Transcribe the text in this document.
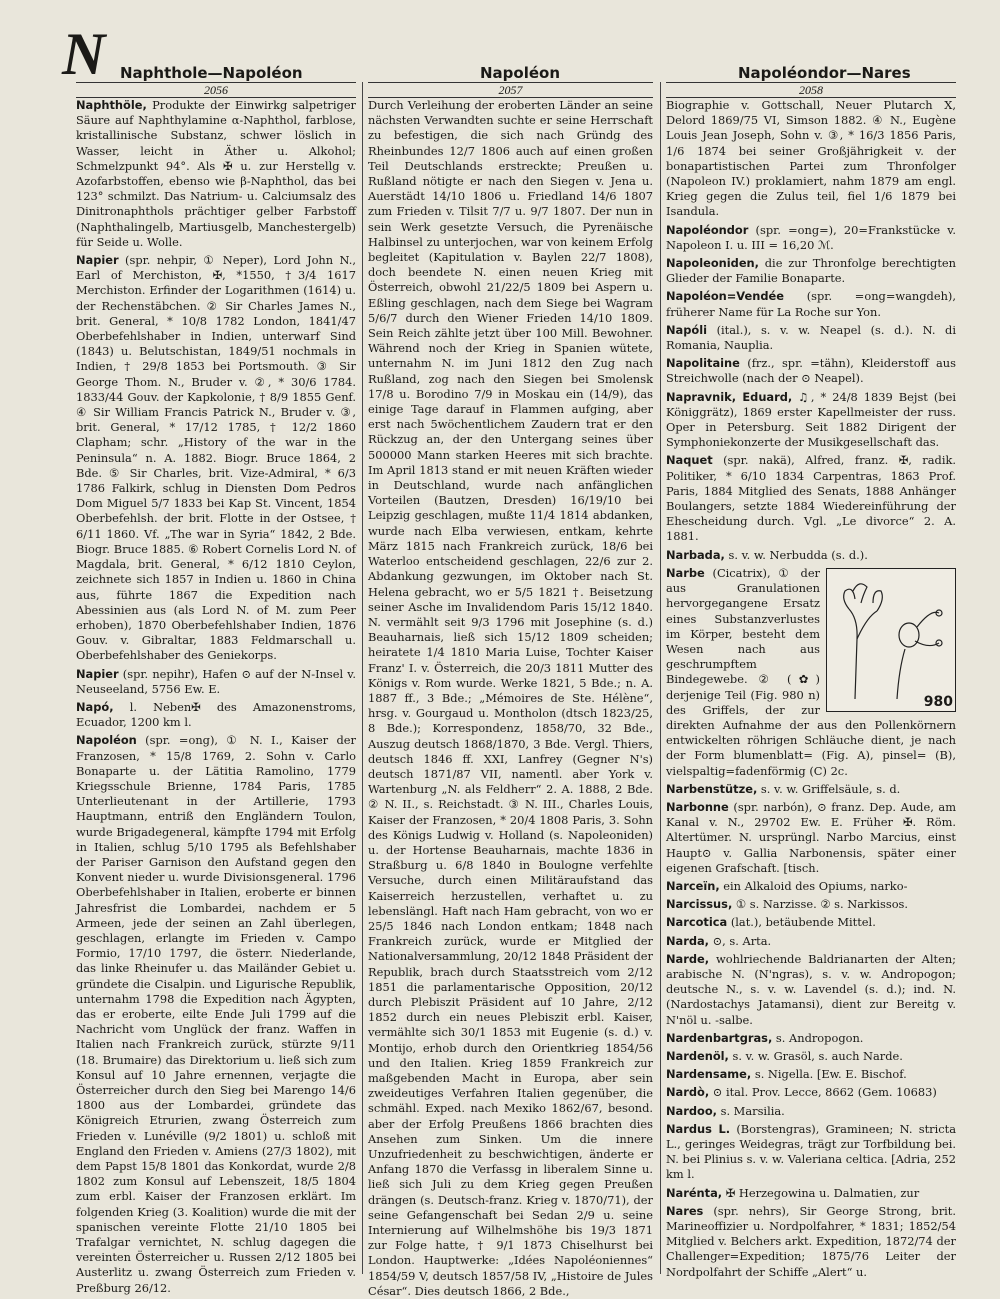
N Naphthole—Napoléon	Napoléon	Napoléondor—Nares
2056	2057	2058

Naphthöle, Produkte der Einwirkg salpetriger Säure auf Naphthylamine α-Naphthol, farblose, kristallinische Substanz, schwer löslich in Wasser, leicht in Äther u. Alkohol; Schmelzpunkt 94°. Als ✠ u. zur Herstellg v. Azofarbstoffen, ebenso wie β-Naphthol, das bei 123° schmilzt. Das Natrium- u. Calciumsalz des Dinitronaphthols prächtiger gelber Farbstoff (Naphthalingelb, Martiusgelb, Manchestergelb) für Seide u. Wolle.

Napier (spr. nehpir, ① Neper), Lord John N., Earl of Merchiston, ✠, *1550, †3/4 1617 Merchiston. Erfinder der Logarithmen (1614) u. der Rechenstäbchen. ② Sir Charles James N., brit. General, * 10/8 1782 London, 1841/47 Oberbefehlshaber in Indien, unterwarf Sind (1843) u. Belutschistan, 1849/51 nochmals in Indien, † 29/8 1853 bei Portsmouth. ③ Sir George Thom. N., Bruder v. ②, * 30/6 1784. 1833/44 Gouv. der Kapkolonie, † 8/9 1855 Genf. ④ Sir William Francis Patrick N., Bruder v. ③, brit. General, * 17/12 1785, † 12/2 1860 Clapham; schr. „History of the war in the Peninsula“ n. A. 1882. Biogr. Bruce 1864, 2 Bde. ⑤ Sir Charles, brit. Vize-Admiral, * 6/3 1786 Falkirk, schlug in Diensten Dom Pedros Dom Miguel 5/7 1833 bei Kap St. Vincent, 1854 Oberbefehlsh. der brit. Flotte in der Ostsee, † 6/11 1860. Vf. „The war in Syria“ 1842, 2 Bde. Biogr. Bruce 1885. ⑥ Robert Cornelis Lord N. of Magdala, brit. General, * 6/12 1810 Ceylon, zeichnete sich 1857 in Indien u. 1860 in China aus, führte 1867 die Expedition nach Abessinien aus (als Lord N. of M. zum Peer erhoben), 1870 Oberbefehlshaber Indien, 1876 Gouv. v. Gibraltar, 1883 Feldmarschall u. Oberbefehlshaber des Geniekorps.

Napier (spr. nepihr), Hafen ⊙ auf der N-Insel v. Neuseeland, 5756 Ew. E.

Napó, l. Neben✠ des Amazonenstroms, Ecuador, 1200 km l.

Napoléon (spr. =ong), ① N. I., Kaiser der Franzosen, * 15/8 1769, 2. Sohn v. Carlo Bonaparte u. der Lätitia Ramolino, 1779 Kriegsschule Brienne, 1784 Paris, 1785 Unterlieutenant in der Artillerie, 1793 Hauptmann, entriß den Engländern Toulon, wurde Brigadegeneral, kämpfte 1794 mit Erfolg in Italien, schlug 5/10 1795 als Befehlshaber der Pariser Garnison den Aufstand gegen den Konvent nieder u. wurde Divisionsgeneral. 1796 Oberbefehlshaber in Italien, eroberte er binnen Jahresfrist die Lombardei, nachdem er 5 Armeen, jede der seinen an Zahl überlegen, geschlagen, erlangte im Frieden v. Campo Formio, 17/10 1797, die österr. Niederlande, das linke Rheinufer u. das Mailänder Gebiet u. gründete die Cisalpin. und Ligurische Republik, unternahm 1798 die Expedition nach Ägypten, das er eroberte, eilte Ende Juli 1799 auf die Nachricht vom Unglück der franz. Waffen in Italien nach Frankreich zurück, stürzte 9/11 (18. Brumaire) das Direktorium u. ließ sich zum Konsul auf 10 Jahre ernennen, verjagte die Österreicher durch den Sieg bei Marengo 14/6 1800 aus der Lombardei, gründete das Königreich Etrurien, zwang Österreich zum Frieden v. Lunéville (9/2 1801) u. schloß mit England den Frieden v. Amiens (27/3 1802), mit dem Papst 15/8 1801 das Konkordat, wurde 2/8 1802 zum Konsul auf Lebenszeit, 18/5 1804 zum erbl. Kaiser der Franzosen erklärt. Im folgenden Krieg (3. Koalition) wurde die mit der spanischen vereinte Flotte 21/10 1805 bei Trafalgar vernichtet, N. schlug dagegen die vereinten Österreicher u. Russen 2/12 1805 bei Austerlitz u. zwang Österreich zum Frieden v. Preßburg 26/12.

Durch Verleihung der eroberten Länder an seine nächsten Verwandten suchte er seine Herrschaft zu befestigen, die sich nach Gründg des Rheinbundes 12/7 1806 auch auf einen großen Teil Deutschlands erstreckte; Preußen u. Rußland nötigte er nach den Siegen v. Jena u. Auerstädt 14/10 1806 u. Friedland 14/6 1807 zum Frieden v. Tilsit 7/7 u. 9/7 1807. Der nun in sein Werk gesetzte Versuch, die Pyrenäische Halbinsel zu unterjochen, war von keinem Erfolg begleitet (Kapitulation v. Baylen 22/7 1808), doch beendete N. einen neuen Krieg mit Österreich, obwohl 21/22/5 1809 bei Aspern u. Eßling geschlagen, nach dem Siege bei Wagram 5/6/7 durch den Wiener Frieden 14/10 1809. Sein Reich zählte jetzt über 100 Mill. Bewohner. Während noch der Krieg in Spanien wütete, unternahm N. im Juni 1812 den Zug nach Rußland, zog nach den Siegen bei Smolensk 17/8 u. Borodino 7/9 in Moskau ein (14/9), das einige Tage darauf in Flammen aufging, aber erst nach 5wöchentlichem Zaudern trat er den Rückzug an, der den Untergang seines über 500000 Mann starken Heeres mit sich brachte. Im April 1813 stand er mit neuen Kräften wieder in Deutschland, wurde nach anfänglichen Vorteilen (Bautzen, Dresden) 16/19/10 bei Leipzig geschlagen, mußte 11/4 1814 abdanken, wurde nach Elba verwiesen, entkam, kehrte März 1815 nach Frankreich zurück, 18/6 bei Waterloo entscheidend geschlagen, 22/6 zur 2. Abdankung gezwungen, im Oktober nach St. Helena gebracht, wo er 5/5 1821 †. Beisetzung seiner Asche im Invalidendom Paris 15/12 1840. N. vermählt seit 9/3 1796 mit Josephine (s. d.) Beauharnais, ließ sich 15/12 1809 scheiden; heiratete 1/4 1810 Maria Luise, Tochter Kaiser Franz' I. v. Österreich, die 20/3 1811 Mutter des Königs v. Rom wurde. Werke 1821, 5 Bde.; n. A. 1887 ff., 3 Bde.; „Mémoires de Ste. Hélène“, hrsg. v. Gourgaud u. Montholon (dtsch 1823/25, 8 Bde.); Korrespondenz, 1858/70, 32 Bde., Auszug deutsch 1868/1870, 3 Bde. Vergl. Thiers, deutsch 1846 ff. XXI, Lanfrey (Gegner N's) deutsch 1871/87 VII, namentl. aber York v. Wartenburg „N. als Feldherr“ 2. A. 1888, 2 Bde. ② N. II., s. Reichstadt. ③ N. III., Charles Louis, Kaiser der Franzosen, * 20/4 1808 Paris, 3. Sohn des Königs Ludwig v. Holland (s. Napoleoniden) u. der Hortense Beauharnais, machte 1836 in Straßburg u. 6/8 1840 in Boulogne verfehlte Versuche, durch einen Militäraufstand das Kaiserreich herzustellen, verhaftet u. zu lebenslängl. Haft nach Ham gebracht, von wo er 25/5 1846 nach London entkam; 1848 nach Frankreich zurück, wurde er Mitglied der Nationalversammlung, 20/12 1848 Präsident der Republik, brach durch Staatsstreich vom 2/12 1851 die parlamentarische Opposition, 20/12 durch Plebiszit Präsident auf 10 Jahre, 2/12 1852 durch ein neues Plebiszit erbl. Kaiser, vermählte sich 30/1 1853 mit Eugenie (s. d.) v. Montijo, erhob durch den Orientkrieg 1854/56 und den Italien. Krieg 1859 Frankreich zur maßgebenden Macht in Europa, aber sein zweideutiges Verfahren Italien gegenüber, die schmähl. Exped. nach Mexiko 1862/67, besond. aber der Erfolg Preußens 1866 brachten dies Ansehen zum Sinken. Um die innere Unzufriedenheit zu beschwichtigen, änderte er Anfang 1870 die Verfassg in liberalem Sinne u. ließ sich Juli zu dem Krieg gegen Preußen drängen (s. Deutsch-franz. Krieg v. 1870/71), der seine Gefangenschaft bei Sedan 2/9 u. seine Internierung auf Wilhelmshöhe bis 19/3 1871 zur Folge hatte, † 9/1 1873 Chiselhurst bei London. Hauptwerke: „Idées Napoléoniennes“ 1854/59 V, deutsch 1857/58 IV, „Histoire de Jules César“. Dies deutsch 1866, 2 Bde.,

Biographie v. Gottschall, Neuer Plutarch X, Delord 1869/75 VI, Simson 1882. ④ N., Eugène Louis Jean Joseph, Sohn v. ③, * 16/3 1856 Paris, 1/6 1874 bei seiner Großjährigkeit v. der bonapartistischen Partei zum Thronfolger (Napoleon IV.) proklamiert, nahm 1879 am engl. Krieg gegen die Zulus teil, fiel 1/6 1879 bei Isandula.

Napoléondor (spr. =ong=), 20=Frankstücke v. Napoleon I. u. III = 16,20 ℳ.

Napoleoniden, die zur Thronfolge berechtigten Glieder der Familie Bonaparte.

Napoléon=Vendée (spr. =ong=wangdeh), früherer Name für La Roche sur Yon.

Napóli (ital.), s. v. w. Neapel (s. d.). N. di Romania, Nauplia.

Napolitaine (frz., spr. =tähn), Kleiderstoff aus Streichwolle (nach der ⊙ Neapel).

Napravnik, Eduard, ♫, * 24/8 1839 Bejst (bei Königgrätz), 1869 erster Kapellmeister der russ. Oper in Petersburg. Seit 1882 Dirigent der Symphoniekonzerte der Musikgesellschaft das.

Naquet (spr. nakä), Alfred, franz. ✠, radik. Politiker, * 6/10 1834 Carpentras, 1863 Prof. Paris, 1884 Mitglied des Senats, 1888 Anhänger Boulangers, setzte 1884 Wiedereinführung der Ehescheidung durch. Vgl. „Le divorce“ 2. A. 1881.

Narbada, s. v. w. Nerbudda (s. d.).

980
Narbe (Cicatrix), ① der aus Granulationen hervorgegangene Ersatz eines Substanzverlustes im Körper, besteht dem Wesen nach aus geschrumpftem Bindegewebe. ② (✿) derjenige Teil (Fig. 980 n) des Griffels, der zur direkten Aufnahme der aus den Pollenkörnern entwickelten röhrigen Schläuche dient, je nach der Form blumenblatt= (Fig. A), pinsel= (B), vielspaltig=fadenförmig (C) 2c.

Narbenstütze, s. v. w. Griffelsäule, s. d.

Narbonne (spr. narbón), ⊙ franz. Dep. Aude, am Kanal v. N., 29702 Ew. E. Früher ✠. Röm. Altertümer. N. ursprüngl. Narbo Marcius, einst Haupt⊙ v. Gallia Narbonensis, später einer eigenen Grafschaft. [tisch.

Narceïn, ein Alkaloid des Opiums, narko-

Narcissus, ① s. Narzisse. ② s. Narkissos.

Narcotica (lat.), betäubende Mittel.

Narda, ⊙, s. Arta.

Narde, wohlriechende Baldrianarten der Alten; arabische N. (N'ngras), s. v. w. Andropogon; deutsche N., s. v. w. Lavendel (s. d.); ind. N. (Nardostachys Jatamansi), dient zur Bereitg v. N'nöl u. -salbe.

Nardenbartgras, s. Andropogon.

Nardenöl, s. v. w. Grasöl, s. auch Narde.

Nardensame, s. Nigella. [Ew. E. Bischof.

Nardò, ⊙ ital. Prov. Lecce, 8662 (Gem. 10683)

Nardoo, s. Marsilia.

Nardus L. (Borstengras), Gramineen; N. stricta L., geringes Weidegras, trägt zur Torfbildung bei. N. bei Plinius s. v. w. Valeriana celtica. [Adria, 252 km l.

Narénta, ✠ Herzegowina u. Dalmatien, zur

Nares (spr. nehrs), Sir George Strong, brit. Marineoffizier u. Nordpolfahrer, * 1831; 1852/54 Mitglied v. Belchers arkt. Expedition, 1872/74 der Challenger=Expedition; 1875/76 Leiter der Nordpolfahrt der Schiffe „Alert“ u.
